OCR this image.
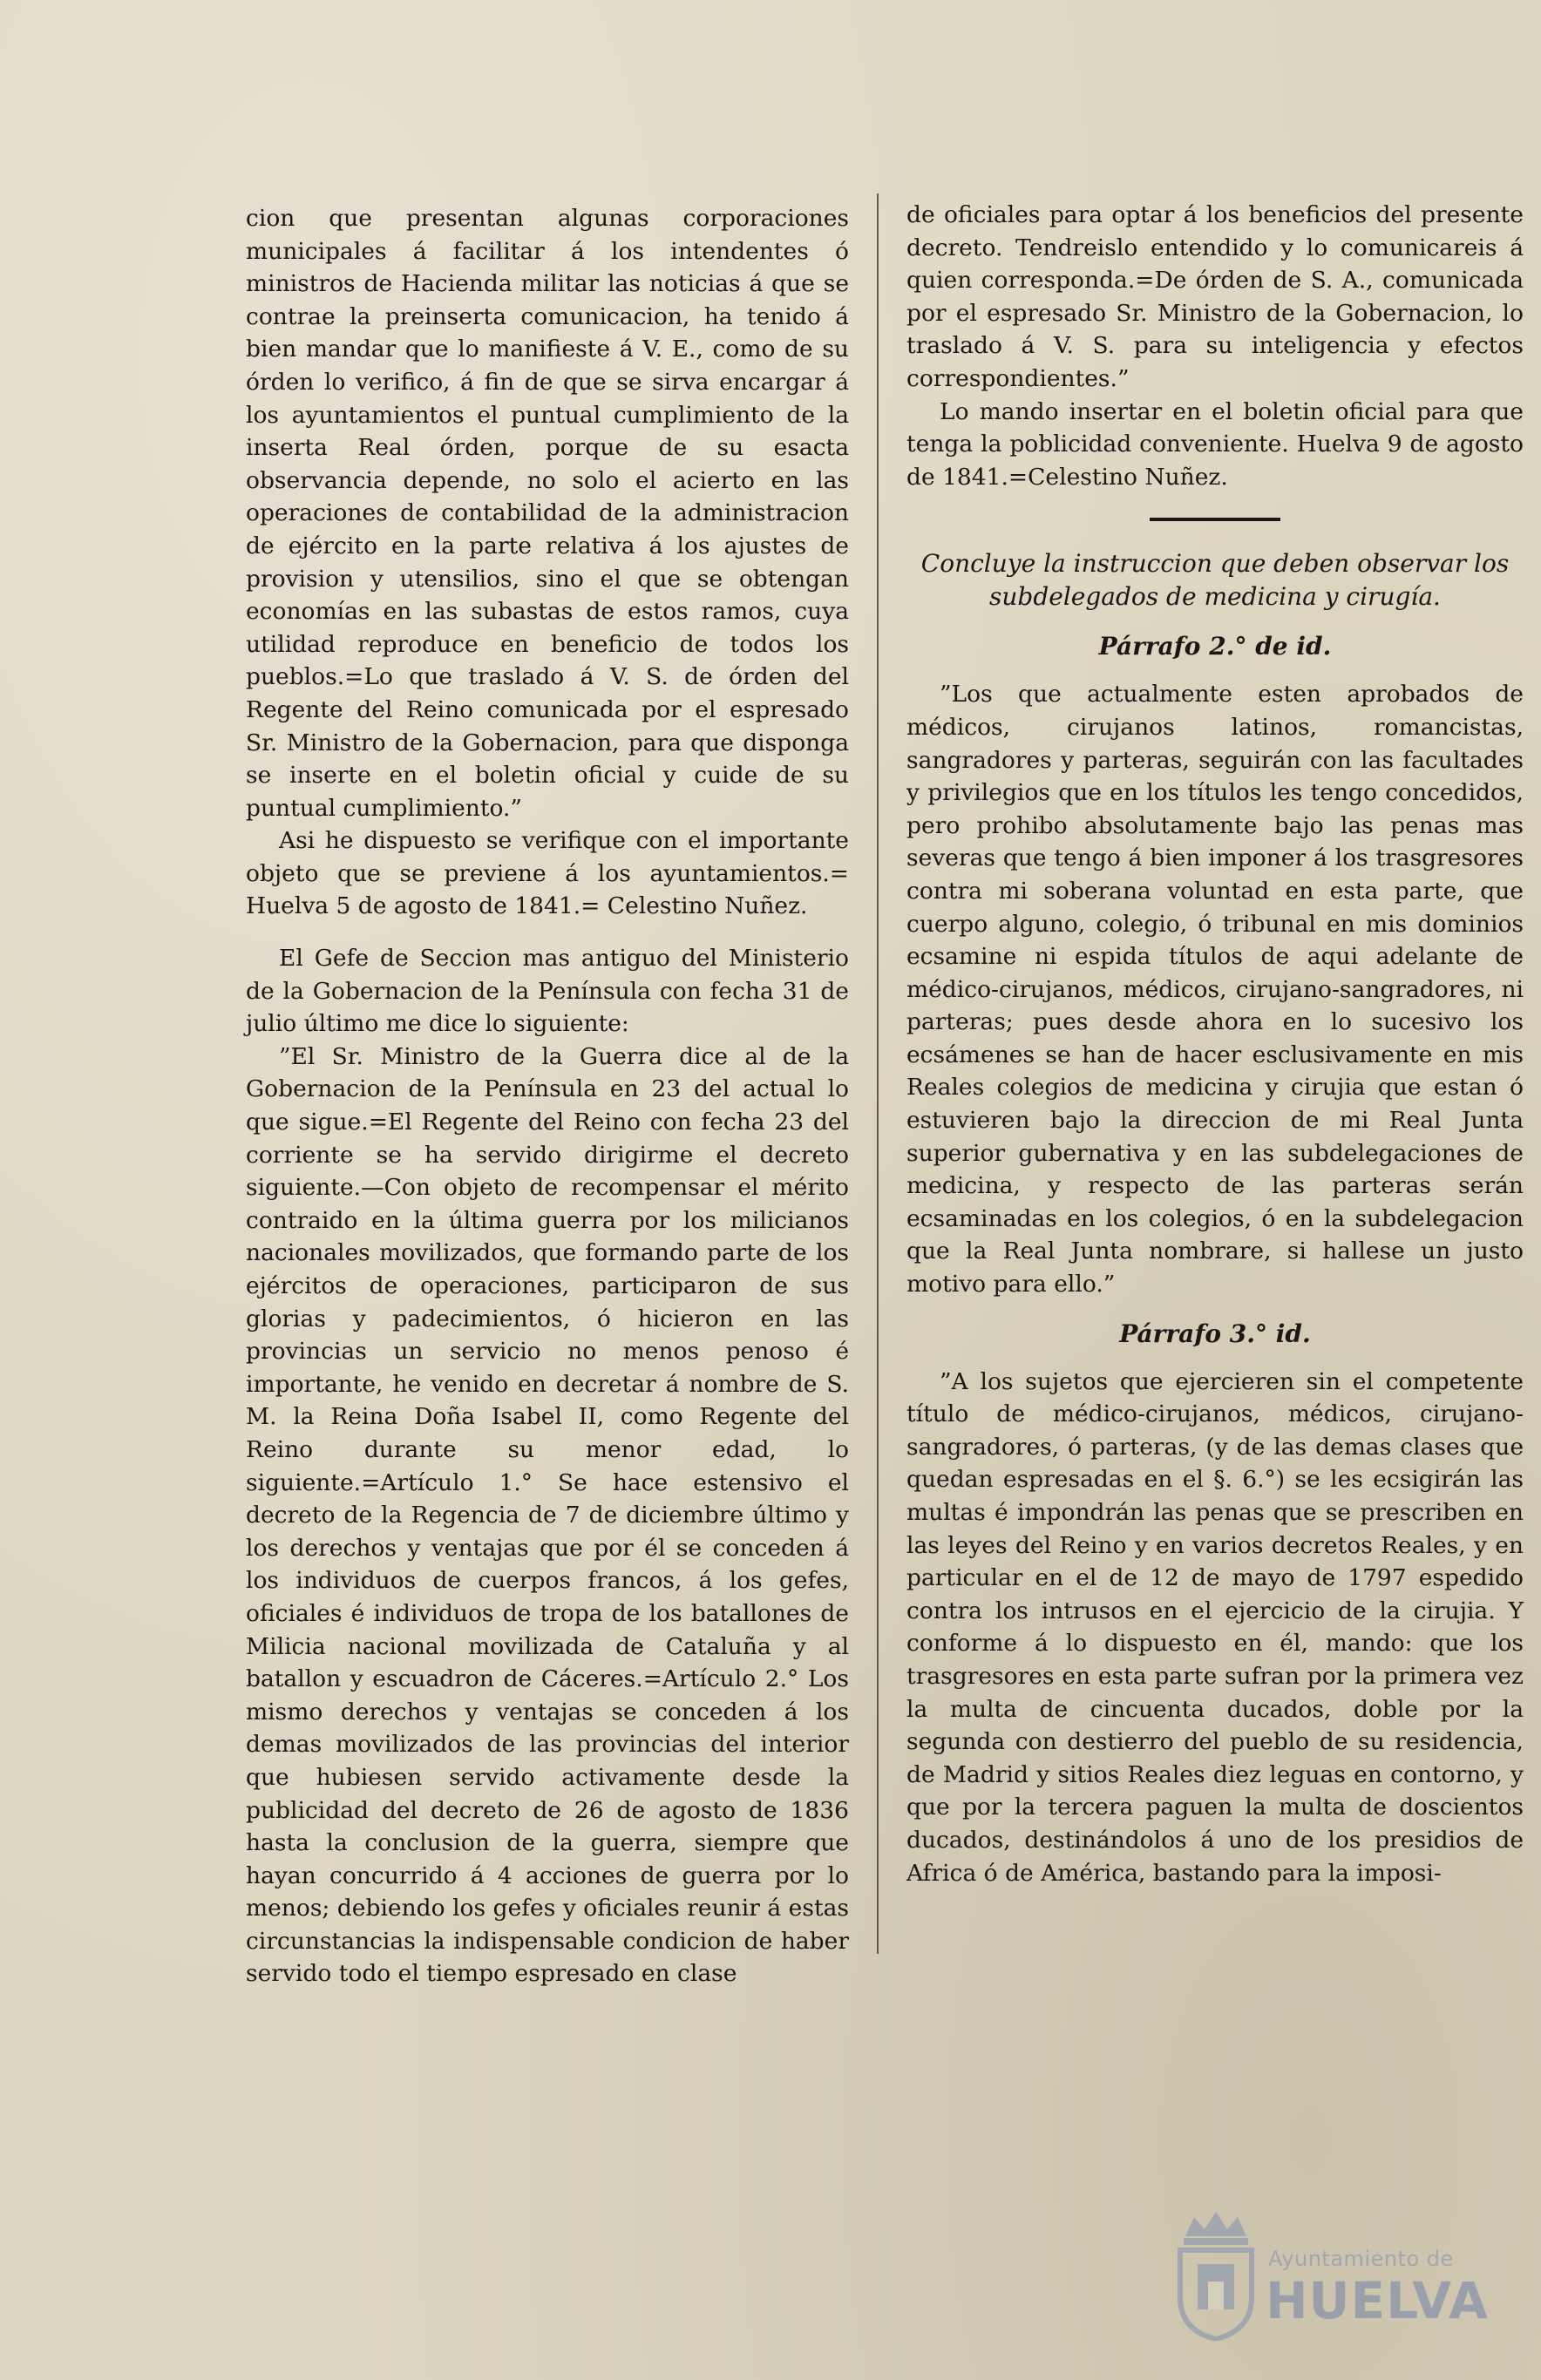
cion que presentan algunas corporaciones municipales á facilitar á los intendentes ó ministros de Hacienda militar las noticias á que se contrae la preinserta comunicacion, ha tenido á bien mandar que lo manifieste á V. E., como de su órden lo verifico, á fin de que se sirva encargar á los ayuntamientos el puntual cumplimiento de la inserta Real órden, porque de su esacta observancia depende, no solo el acierto en las operaciones de contabilidad de la administracion de ejército en la parte relativa á los ajustes de provision y utensilios, sino el que se obtengan economías en las subastas de estos ramos, cuya utilidad reproduce en beneficio de todos los pueblos.=Lo que traslado á V. S. de órden del Regente del Reino comunicada por el espresado Sr. Ministro de la Gobernacion, para que disponga se inserte en el boletin oficial y cuide de su puntual cumplimiento.”

Asi he dispuesto se verifique con el importante objeto que se previene á los ayuntamientos.= Huelva 5 de agosto de 1841.= Celestino Nuñez.

El Gefe de Seccion mas antiguo del Ministerio de la Gobernacion de la Península con fecha 31 de julio último me dice lo siguiente:

”El Sr. Ministro de la Guerra dice al de la Gobernacion de la Península en 23 del actual lo que sigue.=El Regente del Reino con fecha 23 del corriente se ha servido dirigirme el decreto siguiente.—Con objeto de recompensar el mérito contraido en la última guerra por los milicianos nacionales movilizados, que formando parte de los ejércitos de operaciones, participaron de sus glorias y padecimientos, ó hicieron en las provincias un servicio no menos penoso é importante, he venido en decretar á nombre de S. M. la Reina Doña Isabel II, como Regente del Reino durante su menor edad, lo siguiente.=Artículo 1.° Se hace estensivo el decreto de la Regencia de 7 de diciembre último y los derechos y ventajas que por él se conceden á los individuos de cuerpos francos, á los gefes, oficiales é individuos de tropa de los batallones de Milicia nacional movilizada de Cataluña y al batallon y escuadron de Cáceres.=Artículo 2.° Los mismo derechos y ventajas se conceden á los demas movilizados de las provincias del interior que hubiesen servido activamente desde la publicidad del decreto de 26 de agosto de 1836 hasta la conclusion de la guerra, siempre que hayan concurrido á 4 acciones de guerra por lo menos; debiendo los gefes y oficiales reunir á estas circunstancias la indispensable condicion de haber servido todo el tiempo espresado en clase

de oficiales para optar á los beneficios del presente decreto. Tendreislo entendido y lo comunicareis á quien corresponda.=De órden de S. A., comunicada por el espresado Sr. Ministro de la Gobernacion, lo traslado á V. S. para su inteligencia y efectos correspondientes.”

Lo mando insertar en el boletin oficial para que tenga la poblicidad conveniente. Huelva 9 de agosto de 1841.=Celestino Nuñez.

Concluye la instruccion que deben observar los subdelegados de medicina y cirugía.

Párrafo 2.° de id.

”Los que actualmente esten aprobados de médicos, cirujanos latinos, romancistas, sangradores y parteras, seguirán con las facultades y privilegios que en los títulos les tengo concedidos, pero prohibo absolutamente bajo las penas mas severas que tengo á bien imponer á los trasgresores contra mi soberana voluntad en esta parte, que cuerpo alguno, colegio, ó tribunal en mis dominios ecsamine ni espida títulos de aqui adelante de médico-cirujanos, médicos, cirujano-sangradores, ni parteras; pues desde ahora en lo sucesivo los ecsámenes se han de hacer esclusivamente en mis Reales colegios de medicina y cirujia que estan ó estuvieren bajo la direccion de mi Real Junta superior gubernativa y en las subdelegaciones de medicina, y respecto de las parteras serán ecsaminadas en los colegios, ó en la subdelegacion que la Real Junta nombrare, si hallese un justo motivo para ello.”

Párrafo 3.° id.

”A los sujetos que ejercieren sin el competente título de médico-cirujanos, médicos, cirujano-sangradores, ó parteras, (y de las demas clases que quedan espresadas en el §. 6.°) se les ecsigirán las multas é impondrán las penas que se prescriben en las leyes del Reino y en varios decretos Reales, y en particular en el de 12 de mayo de 1797 espedido contra los intrusos en el ejercicio de la cirujia. Y conforme á lo dispuesto en él, mando: que los trasgresores en esta parte sufran por la primera vez la multa de cincuenta ducados, doble por la segunda con destierro del pueblo de su residencia, de Madrid y sitios Reales diez leguas en contorno, y que por la tercera paguen la multa de doscientos ducados, destinándolos á uno de los presidios de Africa ó de América, bastando para la imposi-

Ayuntamiento de
HUELVA
